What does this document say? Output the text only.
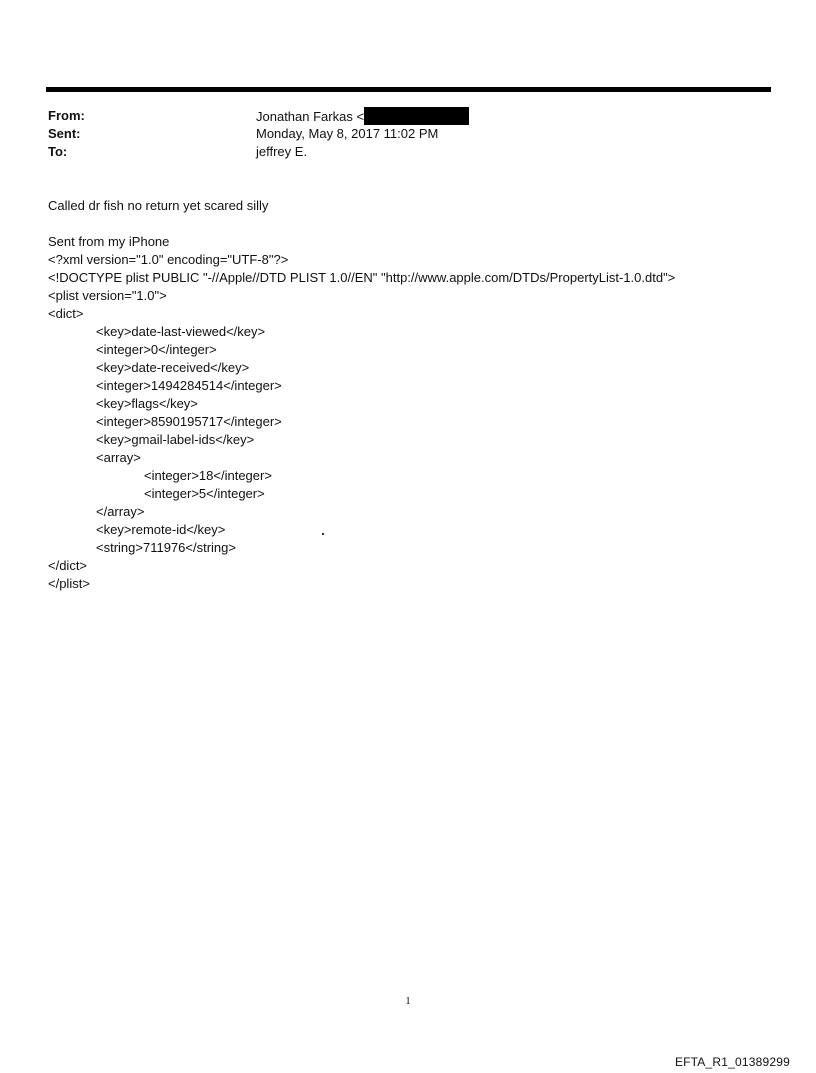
From:	Jonathan Farkas <
Sent:	Monday, May 8, 2017 11:02 PM
To:	jeffrey E.
Called dr fish no return yet scared silly
Sent from my iPhone
<?xml version="1.0" encoding="UTF-8"?>
<!DOCTYPE plist PUBLIC "-//Apple//DTD PLIST 1.0//EN" "http://www.apple.com/DTDs/PropertyList-1.0.dtd">
<plist version="1.0">
<dict>
<key>date-last-viewed</key>
<integer>0</integer>
<key>date-received</key>
<integer>1494284514</integer>
<key>flags</key>
<integer>8590195717</integer>
<key>gmail-label-ids</key>
<array>
<integer>18</integer>
<integer>5</integer>
</array>
<key>remote-id</key>
<string>711976</string>
</dict>
</plist>
1
EFTA_R1_01389299
